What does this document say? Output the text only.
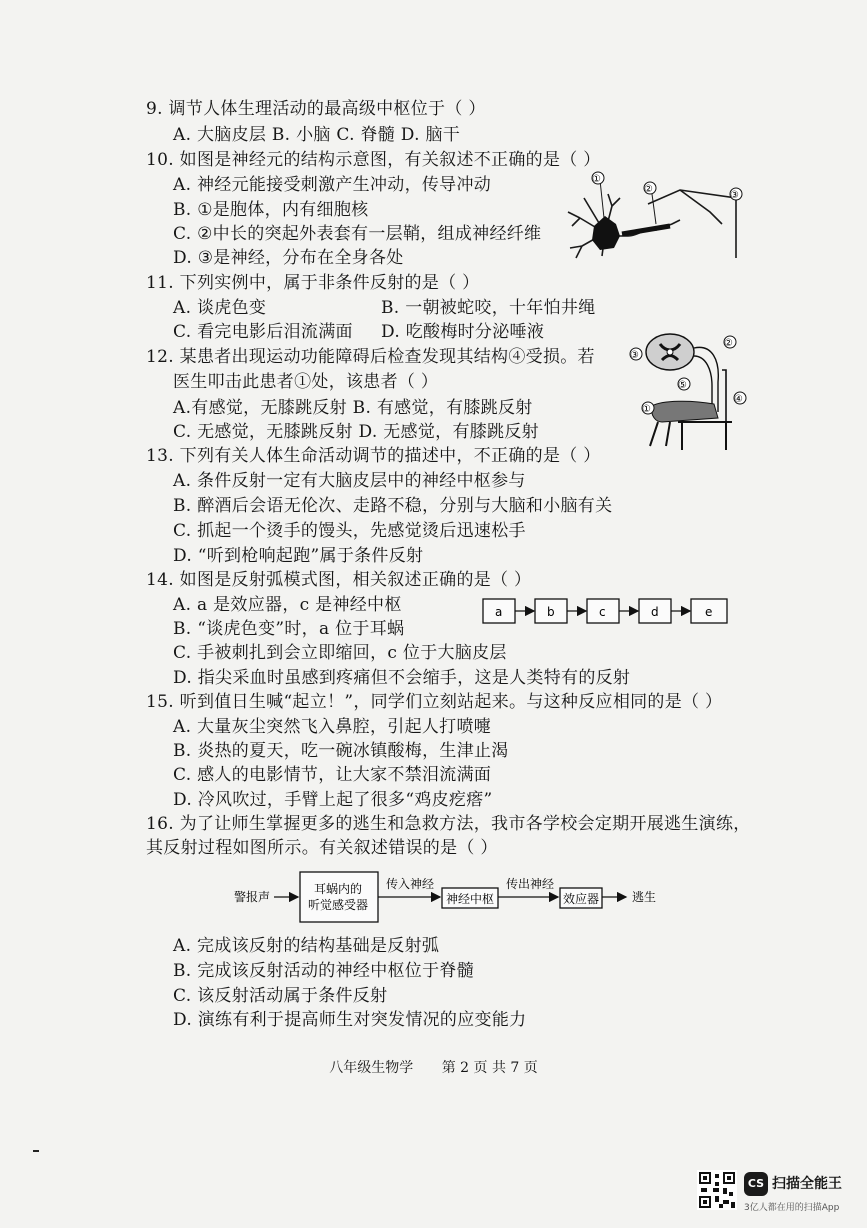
9. 调节人体生理活动的最高级中枢位于（ ）
A. 大脑皮层 B. 小脑 C. 脊髓 D. 脑干
10. 如图是神经元的结构示意图，有关叙述不正确的是（ ）
A. 神经元能接受刺激产生冲动，传导冲动
B. ①是胞体，内有细胞核
C. ②中长的突起外表套有一层鞘，组成神经纤维
D. ③是神经，分布在全身各处
①
②
③
11. 下列实例中，属于非条件反射的是（ ）
A. 谈虎色变	B. 一朝被蛇咬，十年怕井绳
C. 看完电影后泪流满面 D. 吃酸梅时分泌唾液
12. 某患者出现运动功能障碍后检查发现其结构④受损。若
医生叩击此患者①处，该患者（ ）
A.有感觉，无膝跳反射 B. 有感觉，有膝跳反射
C. 无感觉，无膝跳反射 D. 无感觉，有膝跳反射
③
②
⑤
④
①
13. 下列有关人体生命活动调节的描述中，不正确的是（ ）
A. 条件反射一定有大脑皮层中的神经中枢参与
B. 醉酒后会语无伦次、走路不稳，分别与大脑和小脑有关
C. 抓起一个烫手的馒头，先感觉烫后迅速松手
D. “听到枪响起跑”属于条件反射
14. 如图是反射弧模式图，相关叙述正确的是（ ）
A. a 是效应器，c 是神经中枢
B. “谈虎色变”时，a 位于耳蜗
C. 手被刺扎到会立即缩回，c 位于大脑皮层
D. 指尖采血时虽感到疼痛但不会缩手，这是人类特有的反射
a	b	c	d	e
15. 听到值日生喊“起立！”，同学们立刻站起来。与这种反应相同的是（ ）
A. 大量灰尘突然飞入鼻腔，引起人打喷嚏
B. 炎热的夏天，吃一碗冰镇酸梅，生津止渴
C. 感人的电影情节，让大家不禁泪流满面
D. 冷风吹过，手臂上起了很多“鸡皮疙瘩”
16. 为了让师生掌握更多的逃生和急救方法，我市各学校会定期开展逃生演练，
其反射过程如图所示。有关叙述错误的是（ ）
警报声
耳蜗内的
听觉感受器
传入神经
神经中枢
传出神经
效应器	逃生
A. 完成该反射的结构基础是反射弧
B. 完成该反射活动的神经中枢位于脊髓
C. 该反射活动属于条件反射
D. 演练有利于提高师生对突发情况的应变能力
八年级生物学 第 2 页 共 7 页
CS 扫描全能王
3亿人都在用的扫描App
